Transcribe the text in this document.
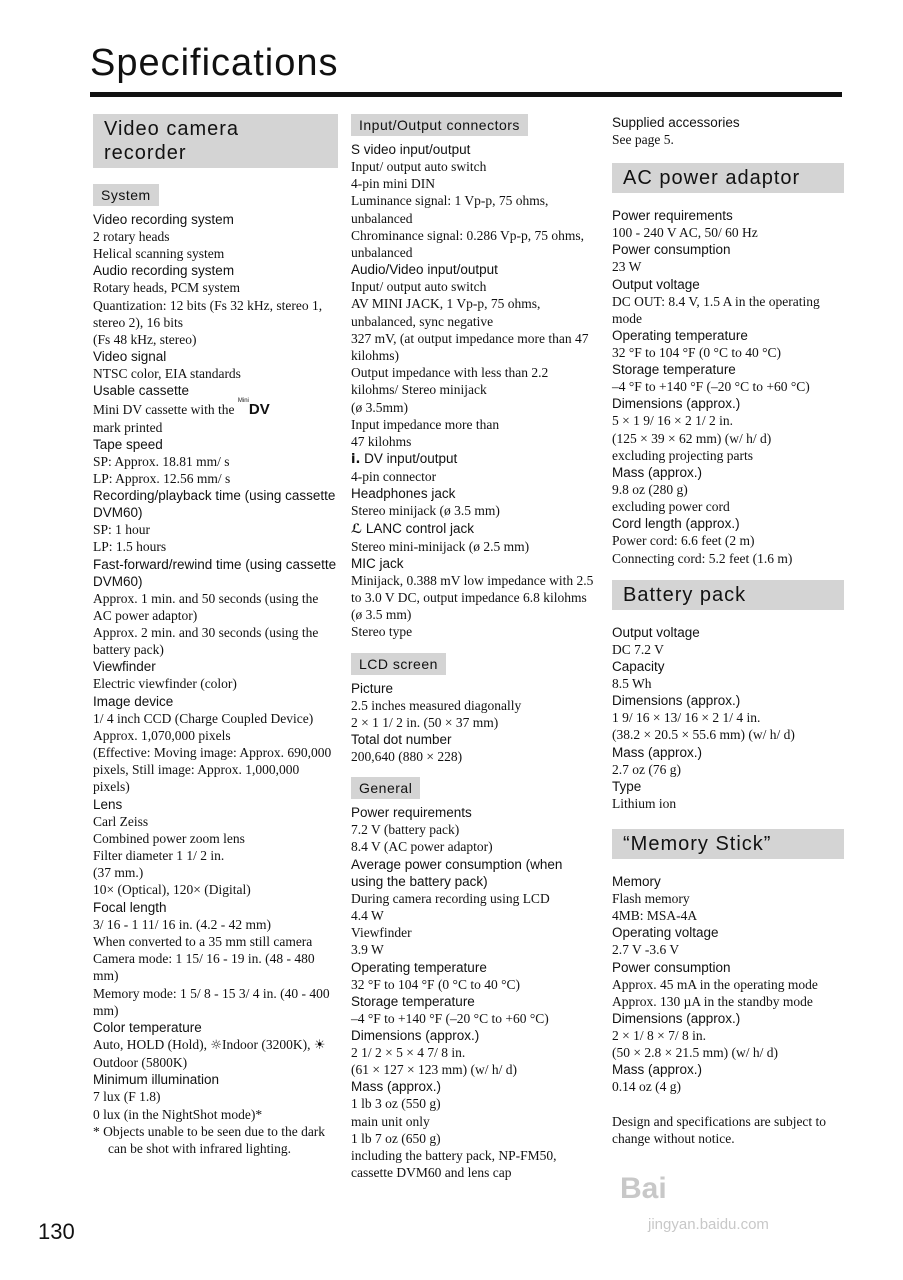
Specifications
Video camera recorder
System
Video recording system
2 rotary heads
Helical scanning system
Audio recording system
Rotary heads, PCM system
Quantization: 12 bits (Fs 32 kHz, stereo 1, stereo 2), 16 bits
(Fs 48 kHz, stereo)
Video signal
NTSC color, EIA standards
Usable cassette
Mini DV cassette with the $^{Mini}$DV
mark printed
Tape speed
SP: Approx. 18.81 mm/ s
LP: Approx. 12.56 mm/ s
Recording/playback time (using cassette DVM60)
SP: 1 hour
LP: 1.5 hours
Fast-forward/rewind time (using cassette DVM60)
Approx. 1 min. and 50 seconds (using the AC power adaptor)
Approx. 2 min. and 30 seconds (using the battery pack)
Viewfinder
Electric viewfinder (color)
Image device
1/ 4 inch CCD (Charge Coupled Device)
Approx. 1,070,000 pixels
(Effective: Moving image: Approx. 690,000 pixels, Still image: Approx. 1,000,000 pixels)
Lens
Carl Zeiss
Combined power zoom lens
Filter diameter 1 1/ 2 in.
(37 mm.)
10× (Optical), 120× (Digital)
Focal length
3/ 16 - 1 11/ 16 in. (4.2 - 42 mm)
When converted to a 35 mm still camera
Camera mode: 1 15/ 16 - 19 in. (48 - 480 mm)
Memory mode: 1 5/ 8 - 15 3/ 4 in. (40 - 400 mm)
Color temperature
Auto, HOLD (Hold), ☼Indoor (3200K), ☀ Outdoor (5800K)
Minimum illumination
7 lux (F 1.8)
0 lux (in the NightShot mode)*
* Objects unable to be seen due to the dark can be shot with infrared lighting.
Input/Output connectors
S video input/output
Input/ output auto switch
4-pin mini DIN
Luminance signal: 1 Vp-p, 75 ohms, unbalanced
Chrominance signal: 0.286 Vp-p, 75 ohms, unbalanced
Audio/Video input/output
Input/ output auto switch
AV MINI JACK, 1 Vp-p, 75 ohms, unbalanced, sync negative
327 mV, (at output impedance more than 47 kilohms)
Output impedance with less than 2.2 kilohms/ Stereo minijack
(ø 3.5mm)
Input impedance more than
47 kilohms
i. DV input/output
4-pin connector
Headphones jack
Stereo minijack (ø 3.5 mm)
ℒ LANC control jack
Stereo mini-minijack (ø 2.5 mm)
MIC jack
Minijack, 0.388 mV low impedance with 2.5 to 3.0 V DC, output impedance 6.8 kilohms
(ø 3.5 mm)
Stereo type
LCD screen
Picture
2.5 inches measured diagonally
2 × 1 1/ 2 in. (50 × 37 mm)
Total dot number
200,640 (880 × 228)
General
Power requirements
7.2 V (battery pack)
8.4 V (AC power adaptor)
Average power consumption (when using the battery pack)
During camera recording using LCD
4.4 W
Viewfinder
3.9 W
Operating temperature
32 °F to 104 °F (0 °C to 40 °C)
Storage temperature
–4 °F to +140 °F (–20 °C to +60 °C)
Dimensions (approx.)
2 1/ 2 × 5 × 4 7/ 8 in.
(61 × 127 × 123 mm) (w/ h/ d)
Mass (approx.)
1 lb 3 oz (550 g)
main unit only
1 lb 7 oz (650 g)
including the battery pack, NP-FM50, cassette DVM60 and lens cap
Supplied accessories
See page 5.
AC power adaptor
Power requirements
100 - 240 V AC, 50/ 60 Hz
Power consumption
23 W
Output voltage
DC OUT: 8.4 V, 1.5 A in the operating mode
Operating temperature
32 °F to 104 °F (0 °C to 40 °C)
Storage temperature
–4 °F to +140 °F (–20 °C to +60 °C)
Dimensions (approx.)
5 × 1 9/ 16 × 2 1/ 2 in.
(125 × 39 × 62 mm) (w/ h/ d)
excluding projecting parts
Mass (approx.)
9.8 oz (280 g)
excluding power cord
Cord length (approx.)
Power cord: 6.6 feet (2 m)
Connecting cord: 5.2 feet (1.6 m)
Battery pack
Output voltage
DC 7.2 V
Capacity
8.5 Wh
Dimensions (approx.)
1 9/ 16 × 13/ 16 × 2 1/ 4 in.
(38.2 × 20.5 × 55.6 mm) (w/ h/ d)
Mass (approx.)
2.7 oz (76 g)
Type
Lithium ion
“Memory Stick”
Memory
Flash memory
4MB: MSA-4A
Operating voltage
2.7 V -3.6 V
Power consumption
Approx. 45 mA in the operating mode
Approx. 130 µA in the standby mode
Dimensions (approx.)
2 × 1/ 8 × 7/ 8 in.
(50 × 2.8 × 21.5 mm) (w/ h/ d)
Mass (approx.)
0.14 oz (4 g)
Design and specifications are subject to change without notice.
130
Bai
jingyan.baidu.com
